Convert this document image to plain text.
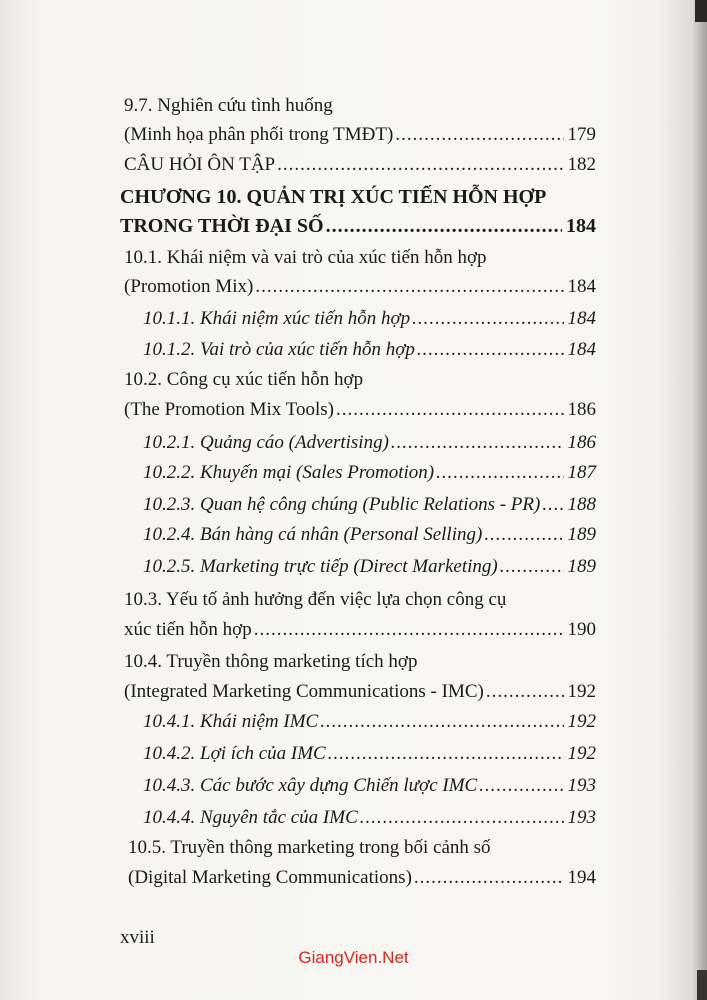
9.7. Nghiên cứu tình huống
(Minh họa phân phối trong TMĐT) .....	179
CÂU HỎI ÔN TẬP .....	182
CHƯƠNG 10. QUẢN TRỊ XÚC TIẾN HỖN HỢP
TRONG THỜI ĐẠI SỐ .....	184
10.1. Khái niệm và vai trò của xúc tiến hỗn hợp
(Promotion Mix) .....	184
10.1.1. Khái niệm xúc tiến hỗn hợp .....	184
10.1.2. Vai trò của xúc tiến hỗn hợp .....	184
10.2. Công cụ xúc tiến hỗn hợp
(The Promotion Mix Tools) .....	186
10.2.1. Quảng cáo (Advertising) .....	186
10.2.2. Khuyến mại (Sales Promotion) .....	187
10.2.3. Quan hệ công chúng (Public Relations - PR) ..... 188
10.2.4. Bán hàng cá nhân (Personal Selling) .....	189
10.2.5. Marketing trực tiếp (Direct Marketing) .....	189
10.3. Yếu tố ảnh hưởng đến việc lựa chọn công cụ
xúc tiến hỗn hợp .....	190
10.4. Truyền thông marketing tích hợp
(Integrated Marketing Communications - IMC) .....	192
10.4.1. Khái niệm IMC .....	192
10.4.2. Lợi ích của IMC .....	192
10.4.3. Các bước xây dựng Chiến lược IMC .....	193
10.4.4. Nguyên tắc của IMC .....	193
10.5. Truyền thông marketing trong bối cảnh số
(Digital Marketing Communications) .....	194
xviii
GiangVien.Net
